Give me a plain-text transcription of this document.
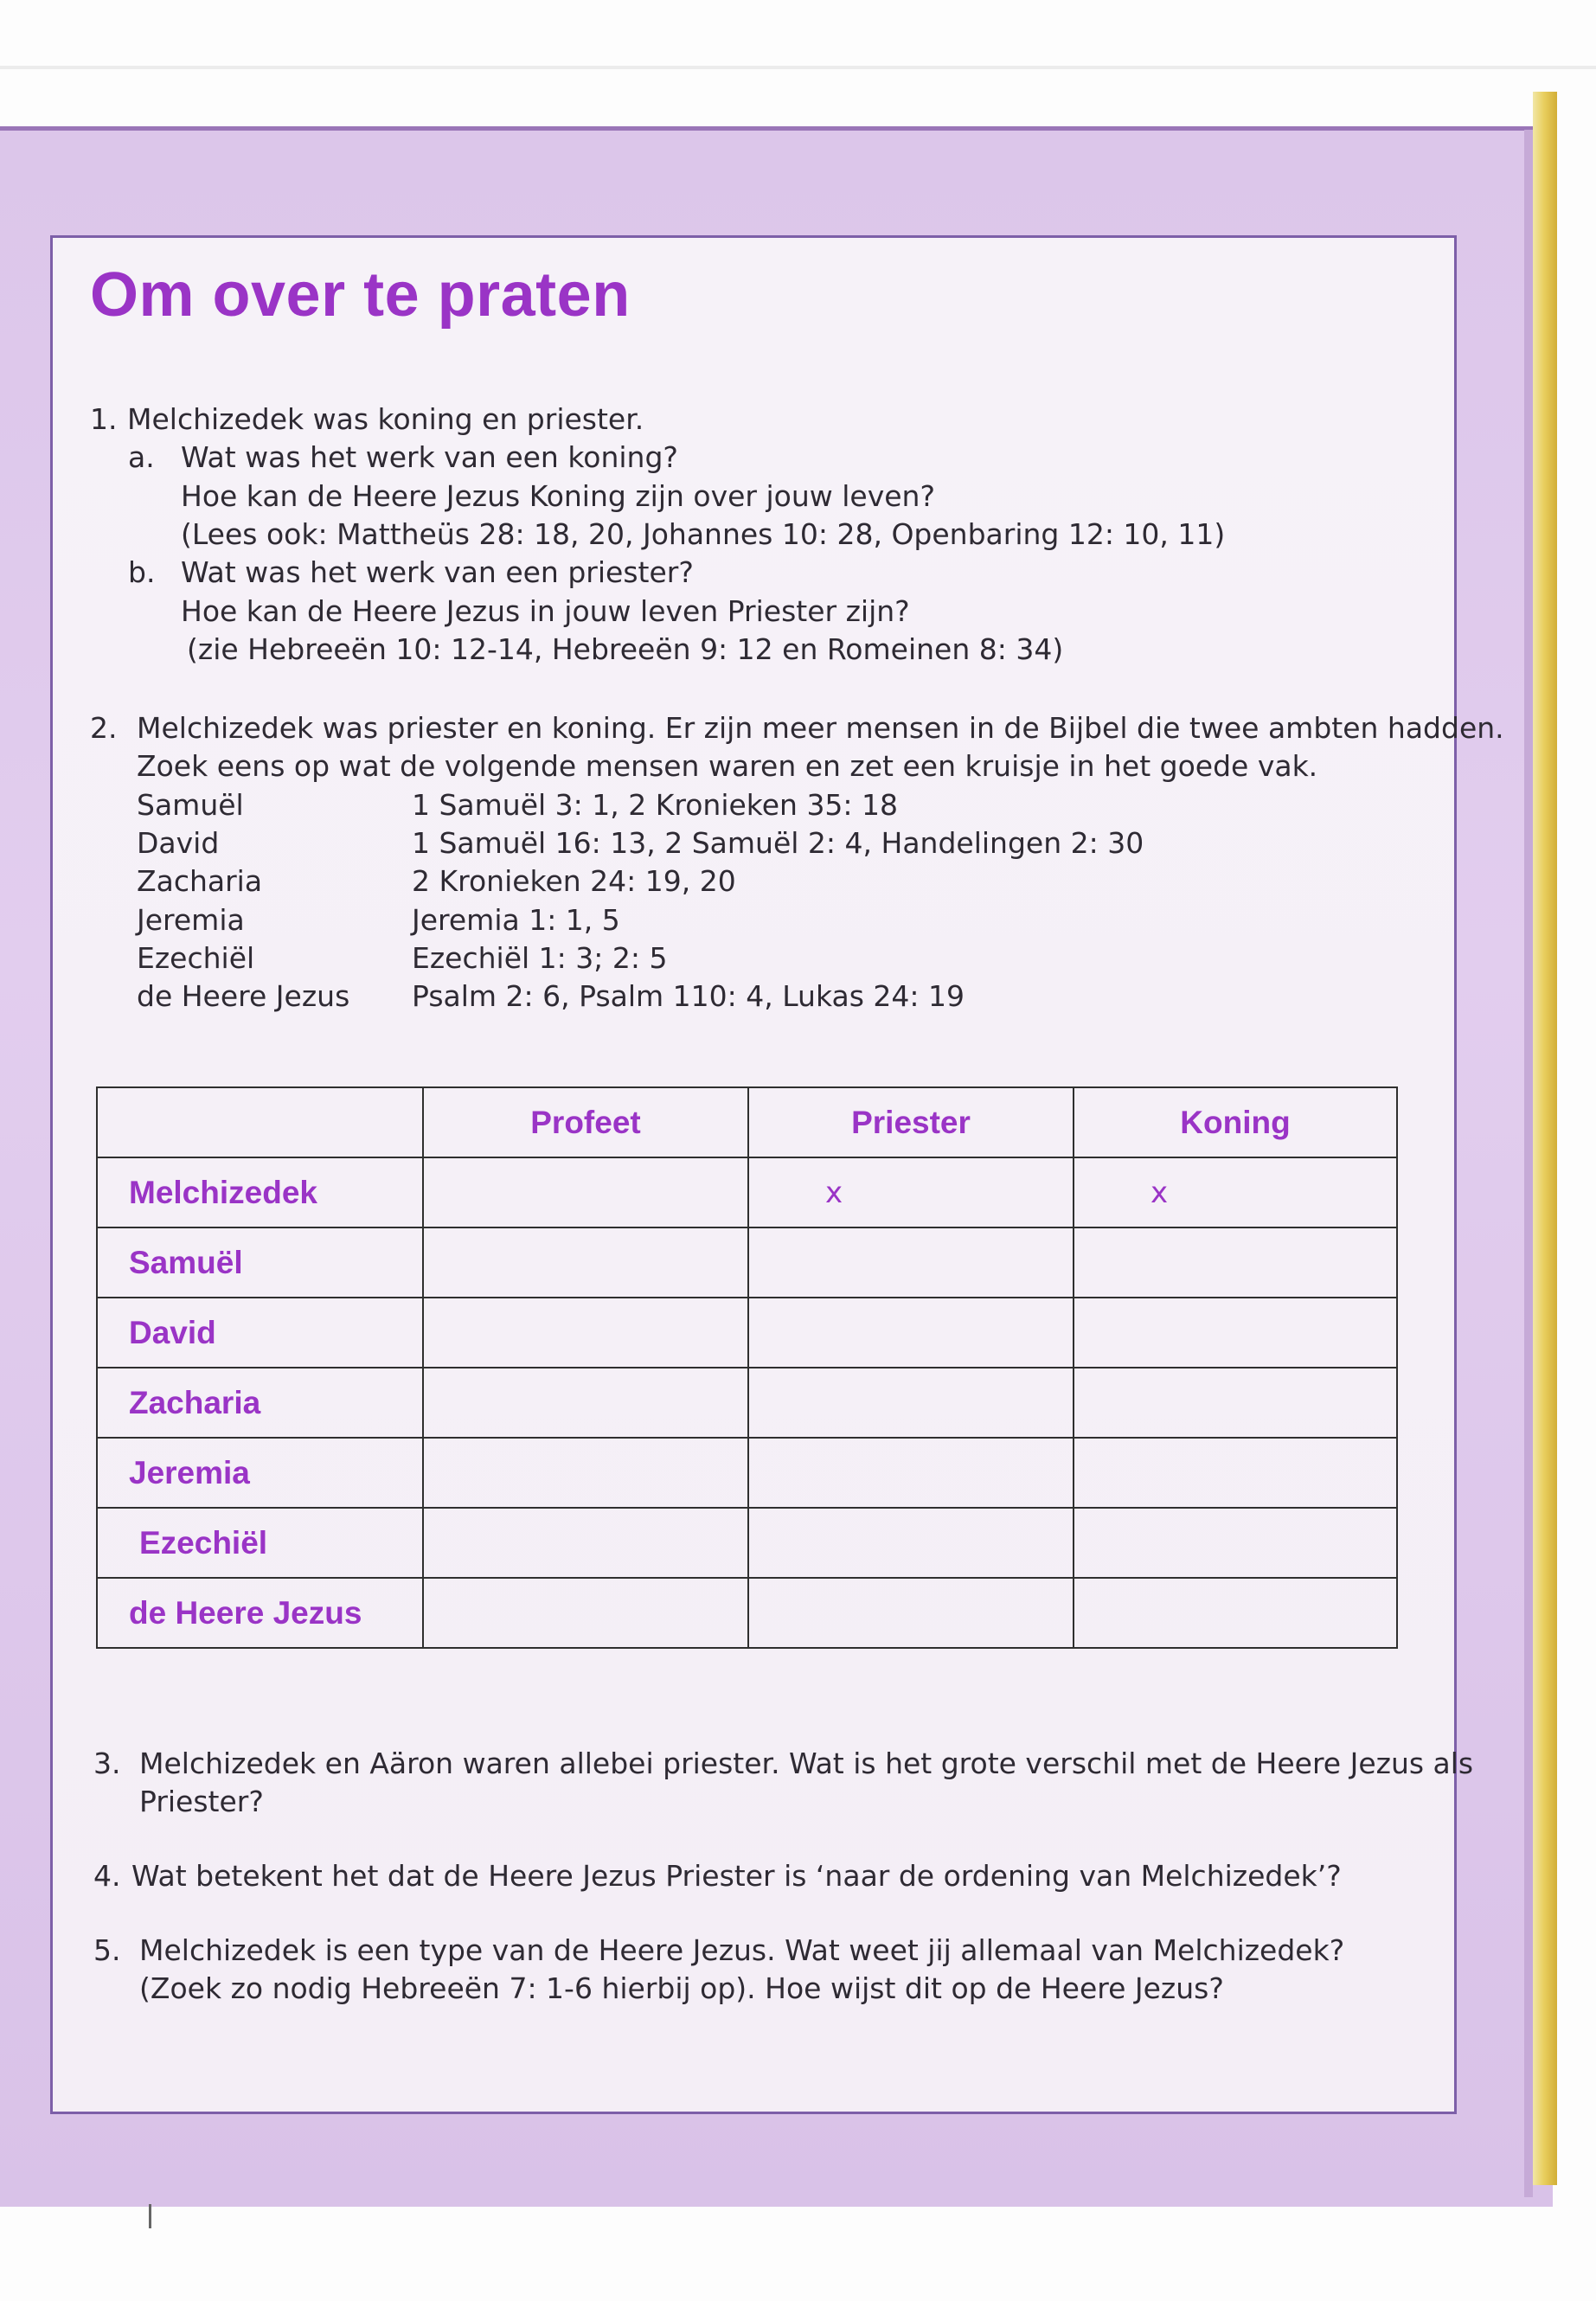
Om over te praten
1. Melchizedek was koning en priester.
a. Wat was het werk van een koning?
Hoe kan de Heere Jezus Koning zijn over jouw leven?
(Lees ook: Mattheüs 28: 18, 20, Johannes 10: 28, Openbaring 12: 10, 11)
b. Wat was het werk van een priester?
Hoe kan de Heere Jezus in jouw leven Priester zijn?
(zie Hebreeën 10: 12-14, Hebreeën 9: 12 en Romeinen 8: 34)
2. Melchizedek was priester en koning. Er zijn meer mensen in de Bijbel die twee ambten hadden.
Zoek eens op wat de volgende mensen waren en zet een kruisje in het goede vak.
Samuël	1 Samuël 3: 1, 2 Kronieken 35: 18
David	1 Samuël 16: 13, 2 Samuël 2: 4, Handelingen 2: 30
Zacharia	2 Kronieken 24: 19, 20
Jeremia	Jeremia 1: 1, 5
Ezechiël	Ezechiël 1: 3; 2: 5
de Heere Jezus Psalm 2: 6, Psalm 110: 4, Lukas 24: 19
	Profeet	Priester	Koning
Melchizedek		x	x
Samuël			
David			
Zacharia			
Jeremia			
Ezechiël			
de Heere Jezus			
3. Melchizedek en Aäron waren allebei priester. Wat is het grote verschil met de Heere Jezus als
Priester?
4. Wat betekent het dat de Heere Jezus Priester is ‘naar de ordening van Melchizedek’?
5. Melchizedek is een type van de Heere Jezus. Wat weet jij allemaal van Melchizedek?
(Zoek zo nodig Hebreeën 7: 1-6 hierbij op). Hoe wijst dit op de Heere Jezus?
